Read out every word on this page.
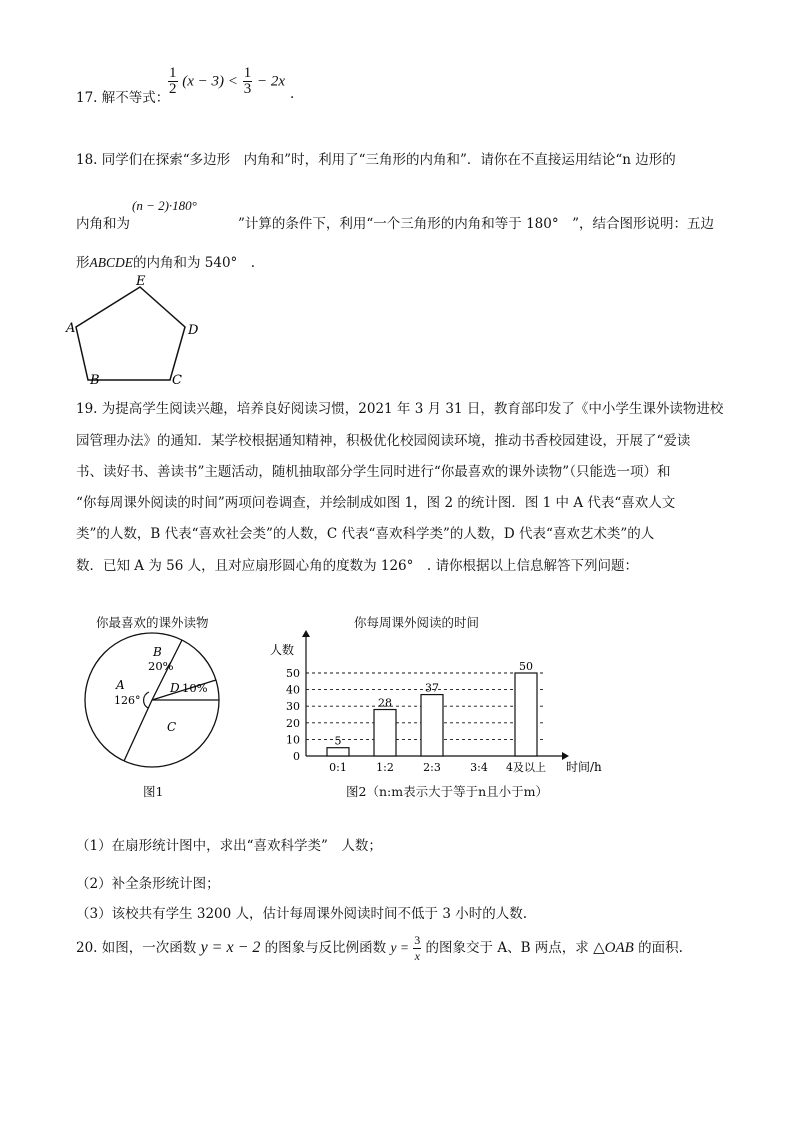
17. 解不等式：
$\frac{1}{2} (x - 3) < \frac{1}{3} - 2x$
.
18. 同学们在探索“多边形　内角和”时，利用了“三角形的内角和”．请你在不直接运用结论“n 边形的
(n − 2)·180°
内角和为　　　　　　　　”计算的条件下，利用“一个三角形的内角和等于 180°　”，结合图形说明：五边
形ABCDE的内角和为 540°　.
E
A	D
B	C
19. 为提高学生阅读兴趣，培养良好阅读习惯，2021 年 3 月 31 日，教育部印发了《中小学生课外读物进校
园管理办法》的通知．某学校根据通知精神，积极优化校园阅读环境，推动书香校园建设，开展了“爱读
书、读好书、善读书”主题活动，随机抽取部分学生同时进行“你最喜欢的课外读物”（只能选一项）和
“你每周课外阅读的时间”两项问卷调查，并绘制成如图 1，图 2 的统计图．图 1 中 A 代表“喜欢人文
类”的人数，B 代表“喜欢社会类”的人数，C 代表“喜欢科学类”的人数，D 代表“喜欢艺术类”的人
数．已知 A 为 56 人，且对应扇形圆心角的度数为 126°　. 请你根据以上信息解答下列问题：
你最喜欢的课外读物
A
126°
B
20%
D 10%
C
图1
你每周课外阅读的时间
人数
时间/h
0
10
20
30
40
50
5
0:1
28
1:2
37
2:3	3:4
50
4及以上
图2（n:m表示大于等于n且小于m）
（1）在扇形统计图中，求出“喜欢科学类”　人数；
（2）补全条形统计图；
（3）该校共有学生 3200 人，估计每周课外阅读时间不低于 3 小时的人数.
20. 如图，一次函数 y = x − 2 的图象与反比例函数 $y = \frac{3}{x}$ 的图象交于 A、B 两点，求 △OAB 的面积.
